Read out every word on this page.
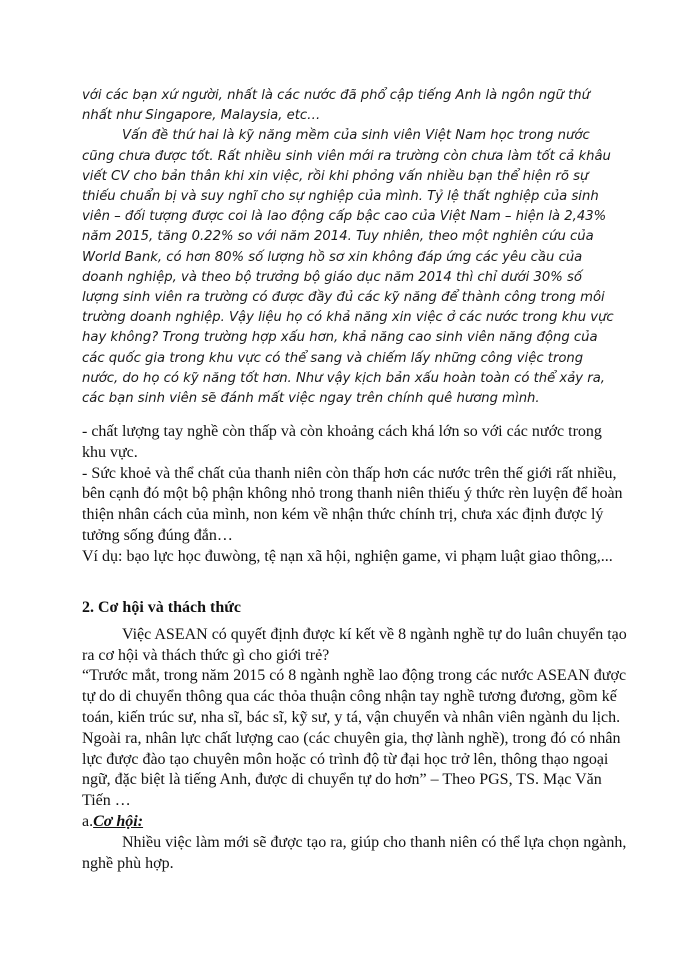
với các bạn xứ người, nhất là các nước đã phổ cập tiếng Anh là ngôn ngữ thứ nhất như Singapore, Malaysia, etc…

Vấn đề thứ hai là kỹ năng mềm của sinh viên Việt Nam học trong nước cũng chưa được tốt. Rất nhiều sinh viên mới ra trường còn chưa làm tốt cả khâu viết CV cho bản thân khi xin việc, rồi khi phỏng vấn nhiều bạn thể hiện rõ sự thiếu chuẩn bị và suy nghĩ cho sự nghiệp của mình. Tỷ lệ thất nghiệp của sinh viên – đối tượng được coi là lao động cấp bậc cao của Việt Nam – hiện là 2,43% năm 2015, tăng 0.22% so với năm 2014. Tuy nhiên, theo một nghiên cứu của World Bank, có hơn 80% số lượng hồ sơ xin không đáp ứng các yêu cầu của doanh nghiệp, và theo bộ trưởng bộ giáo dục năm 2014 thì chỉ dưới 30% số lượng sinh viên ra trường có được đầy đủ các kỹ năng để thành công trong môi trường doanh nghiệp. Vậy liệu họ có khả năng xin việc ở các nước trong khu vực hay không? Trong trường hợp xấu hơn, khả năng cao sinh viên năng động của các quốc gia trong khu vực có thể sang và chiếm lấy những công việc trong nước, do họ có kỹ năng tốt hơn. Như vậy kịch bản xấu hoàn toàn có thể xảy ra, các bạn sinh viên sẽ đánh mất việc ngay trên chính quê hương mình.

- chất lượng tay nghề còn thấp và còn khoảng cách khá lớn so với các nước trong khu vực.

- Sức khoẻ và thể chất của thanh niên còn thấp hơn các nước trên thế giới rất nhiều, bên cạnh đó một bộ phận không nhỏ trong thanh niên thiếu ý thức rèn luyện để hoàn thiện nhân cách của mình, non kém về nhận thức chính trị, chưa xác định được lý tưởng sống đúng đắn…

Ví dụ: bạo lực học đuwòng, tệ nạn xã hội, nghiện game, vi phạm luật giao thông,...

2. Cơ hội và thách thức

Việc ASEAN có quyết định được kí kết về 8 ngành nghề tự do luân chuyển tạo ra cơ hội và thách thức gì cho giới trẻ?

“Trước mắt, trong năm 2015 có 8 ngành nghề lao động trong các nước ASEAN được tự do di chuyển thông qua các thỏa thuận công nhận tay nghề tương đương, gồm kế toán, kiến trúc sư, nha sĩ, bác sĩ, kỹ sư, y tá, vận chuyển và nhân viên ngành du lịch. Ngoài ra, nhân lực chất lượng cao (các chuyên gia, thợ lành nghề), trong đó có nhân lực được đào tạo chuyên môn hoặc có trình độ từ đại học trở lên, thông thạo ngoại ngữ, đặc biệt là tiếng Anh, được di chuyển tự do hơn” – Theo PGS, TS. Mạc Văn Tiến …

a.Cơ hội:

Nhiều việc làm mới sẽ được tạo ra, giúp cho thanh niên có thể lựa chọn ngành, nghề phù hợp.
